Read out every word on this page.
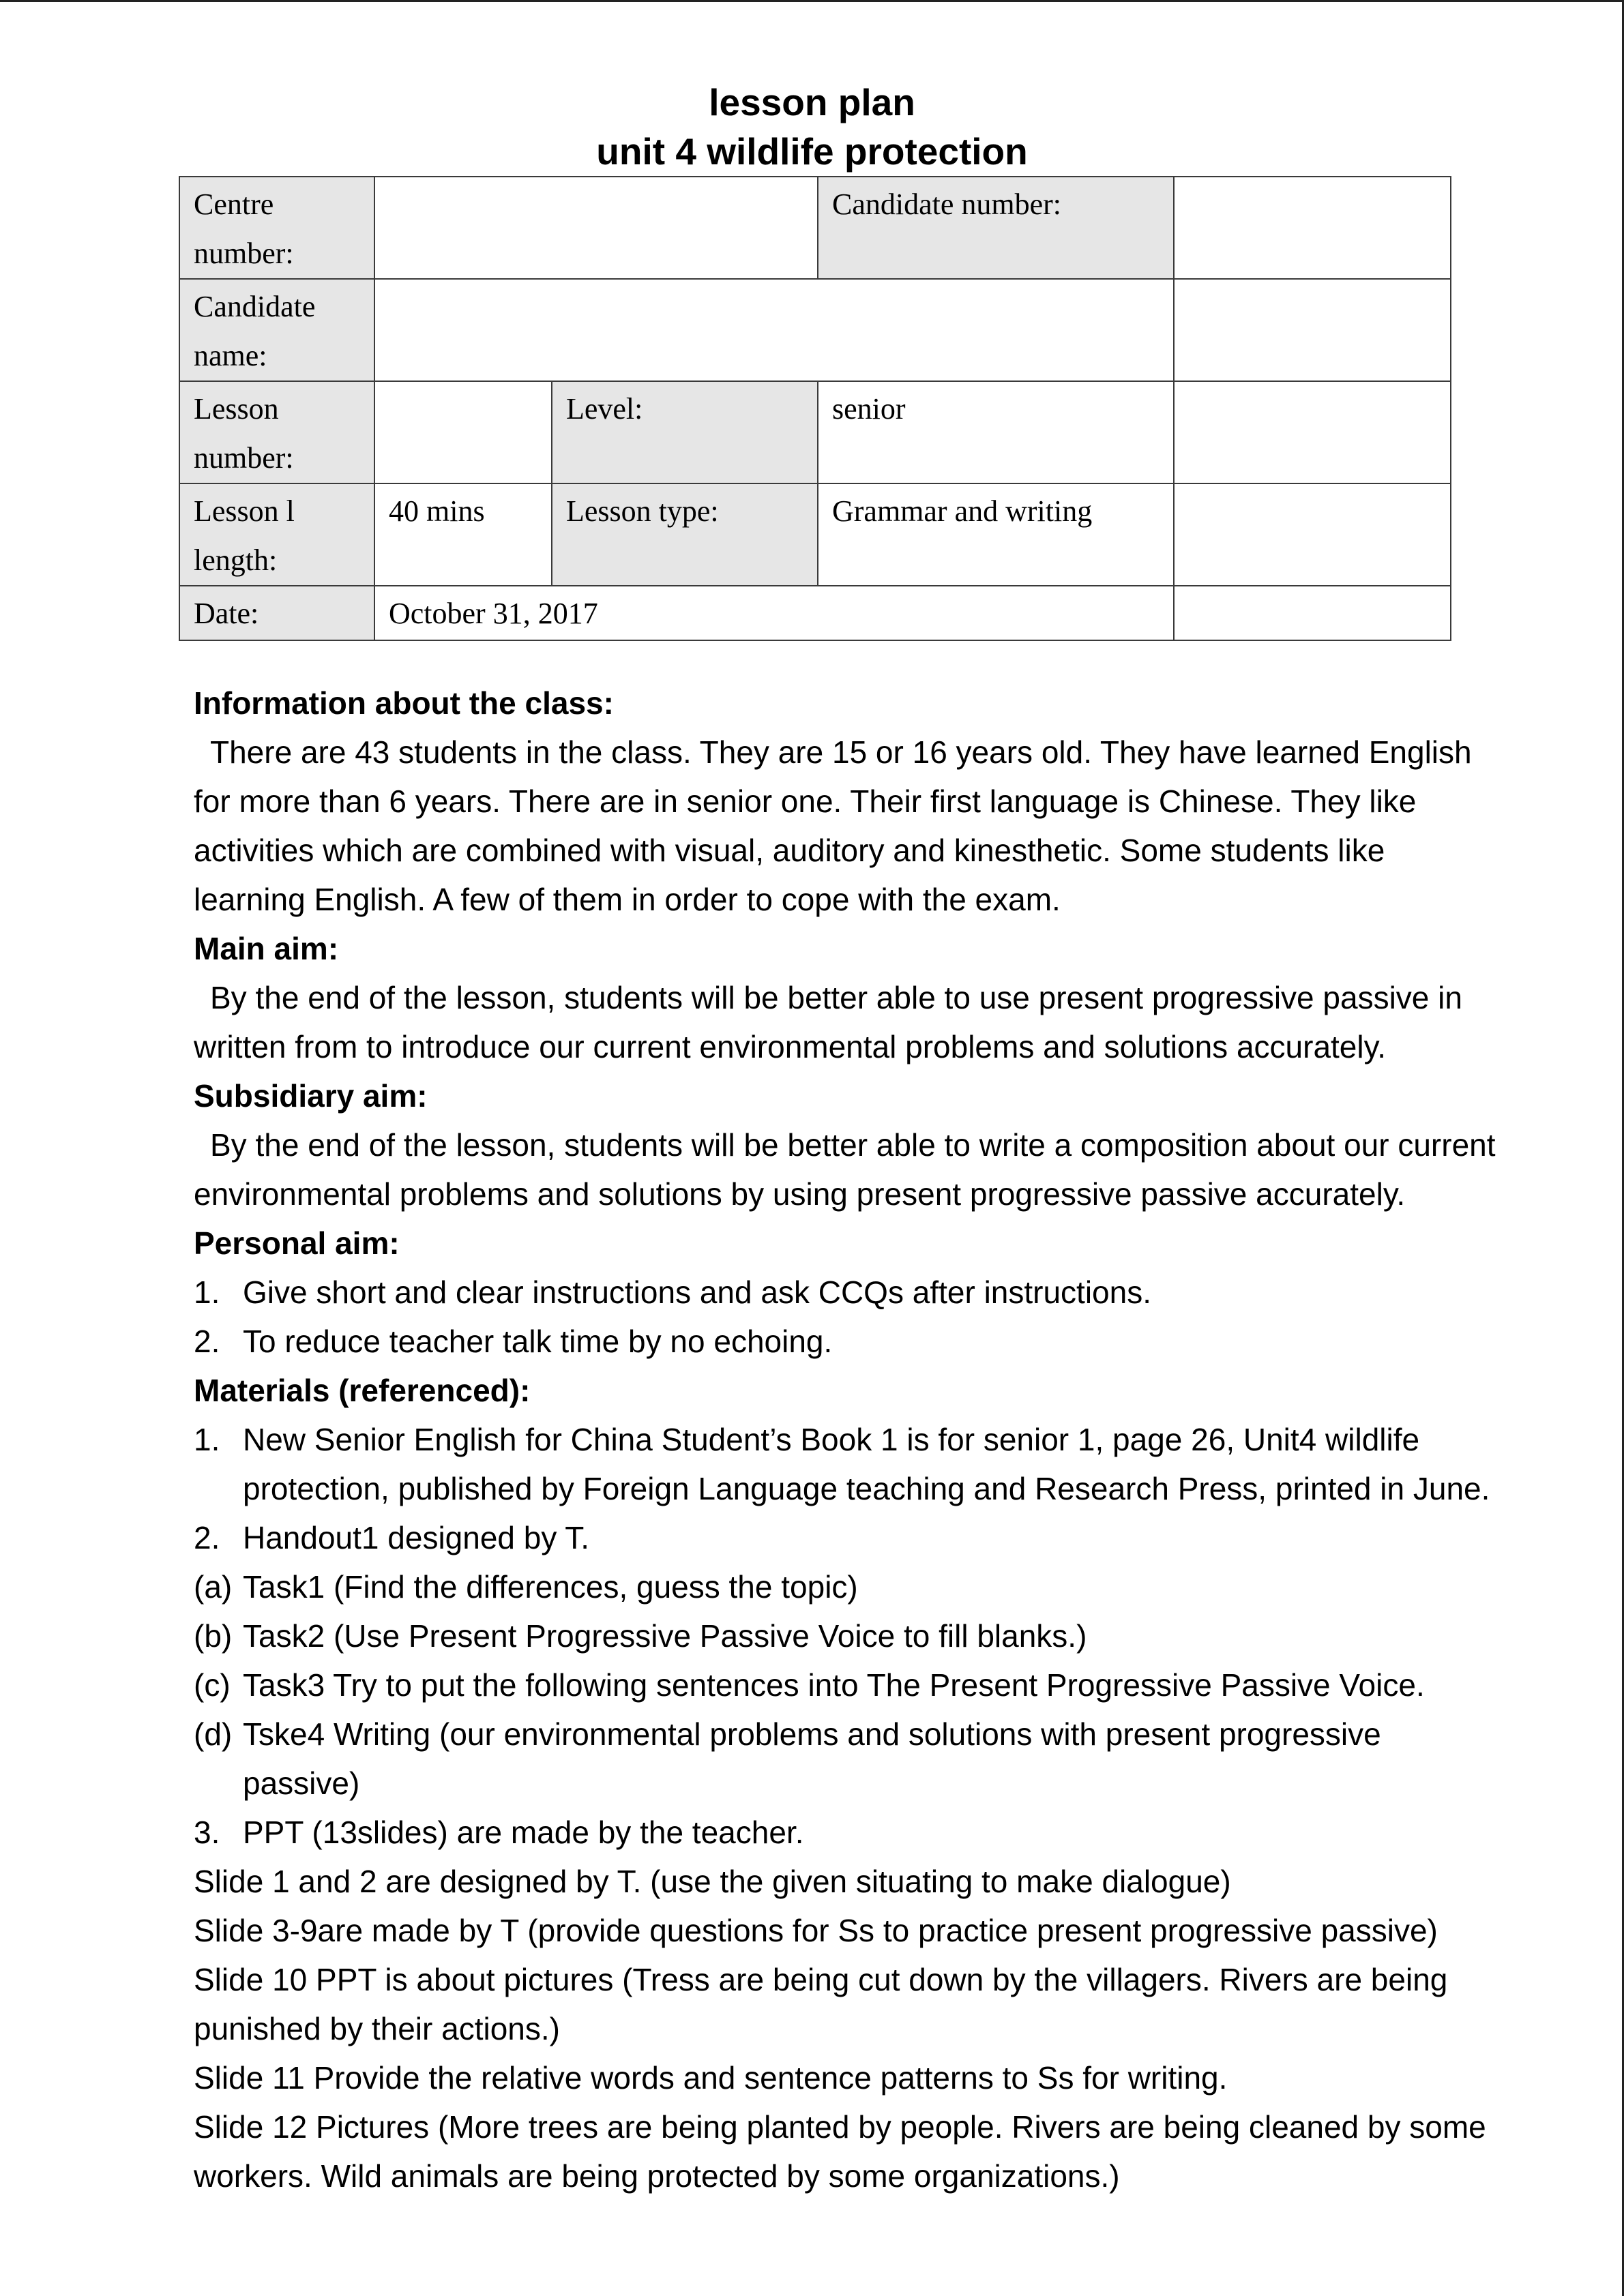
lesson plan
unit 4 wildlife protection
Centre number:			Candidate number:	
Candidate name:				
Lesson number:		Level:	senior	
Lesson l length:	40 mins	Lesson type:	Grammar and writing	
Date:	October 31, 2017			
Information about the class:
There are 43 students in the class. They are 15 or 16 years old. They have learned English
for more than 6 years. There are in senior one. Their first language is Chinese. They like
activities which are combined with visual, auditory and kinesthetic. Some students like
learning English. A few of them in order to cope with the exam.
Main aim:
By the end of the lesson, students will be better able to use present progressive passive in
written from to introduce our current environmental problems and solutions accurately.
Subsidiary aim:
By the end of the lesson, students will be better able to write a composition about our current
environmental problems and solutions by using present progressive passive accurately.
Personal aim:
1. Give short and clear instructions and ask CCQs after instructions.
2. To reduce teacher talk time by no echoing.
Materials (referenced):
1. New Senior English for China Student’s Book 1 is for senior 1, page 26, Unit4 wildlife
protection, published by Foreign Language teaching and Research Press, printed in June.
2. Handout1 designed by T.
(a) Task1 (Find the differences, guess the topic)
(b) Task2 (Use Present Progressive Passive Voice to fill blanks.)
(c) Task3 Try to put the following sentences into The Present Progressive Passive Voice.
(d) Tske4 Writing (our environmental problems and solutions with present progressive
passive)
3. PPT (13slides) are made by the teacher.
Slide 1 and 2 are designed by T. (use the given situating to make dialogue)
Slide 3-9are made by T (provide questions for Ss to practice present progressive passive)
Slide 10 PPT is about pictures (Tress are being cut down by the villagers. Rivers are being
punished by their actions.)
Slide 11 Provide the relative words and sentence patterns to Ss for writing.
Slide 12 Pictures (More trees are being planted by people. Rivers are being cleaned by some
workers. Wild animals are being protected by some organizations.)
